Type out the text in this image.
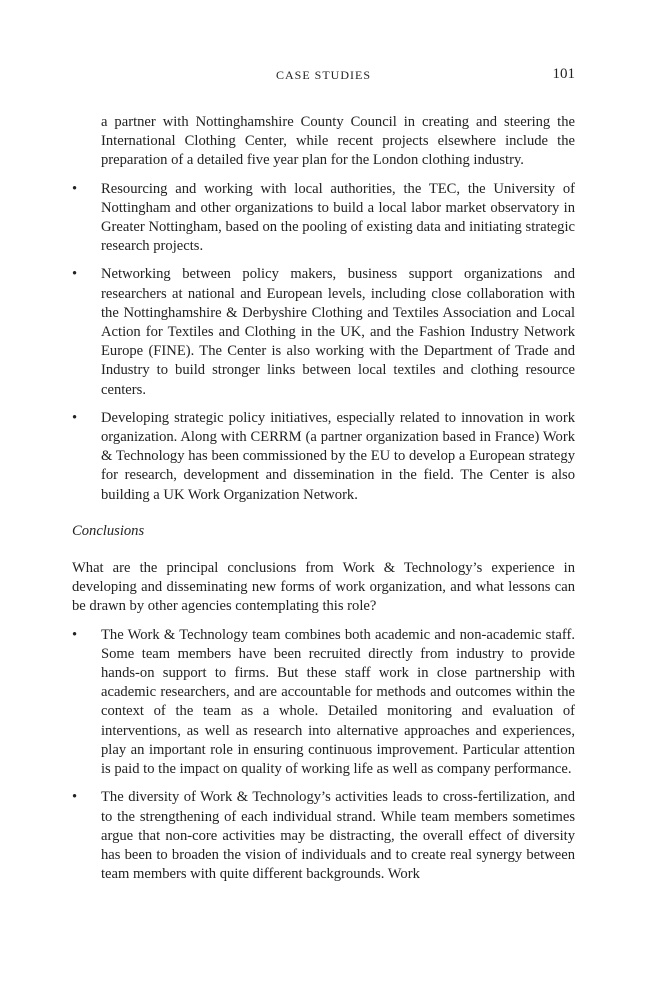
CASE STUDIES	101

a partner with Nottinghamshire County Council in creating and steering the International Clothing Center, while recent projects elsewhere include the preparation of a detailed five year plan for the London clothing industry.

•	Resourcing and working with local authorities, the TEC, the University of Nottingham and other organizations to build a local labor market observatory in Greater Nottingham, based on the pooling of existing data and initiating strategic research projects.
•	Networking between policy makers, business support organizations and researchers at national and European levels, including close collaboration with the Nottinghamshire & Derbyshire Clothing and Textiles Association and Local Action for Textiles and Clothing in the UK, and the Fashion Industry Network Europe (FINE). The Center is also working with the Department of Trade and Industry to build stronger links between local textiles and clothing resource centers.
•	Developing strategic policy initiatives, especially related to innovation in work organization. Along with CERRM (a partner organization based in France) Work & Technology has been commissioned by the EU to develop a European strategy for research, development and dissemination in the field. The Center is also building a UK Work Organization Network.

Conclusions

What are the principal conclusions from Work & Technology’s experience in developing and disseminating new forms of work organization, and what lessons can be drawn by other agencies contemplating this role?

•	The Work & Technology team combines both academic and non-academic staff. Some team members have been recruited directly from industry to provide hands-on support to firms. But these staff work in close partnership with academic researchers, and are accountable for methods and outcomes within the context of the team as a whole. Detailed monitoring and evaluation of interventions, as well as research into alternative approaches and experiences, play an important role in ensuring continuous improvement. Particular attention is paid to the impact on quality of working life as well as company performance.
•	The diversity of Work & Technology’s activities leads to cross-fertilization, and to the strengthening of each individual strand. While team members sometimes argue that non-core activities may be distracting, the overall effect of diversity has been to broaden the vision of individuals and to create real synergy between team members with quite different backgrounds. Work
